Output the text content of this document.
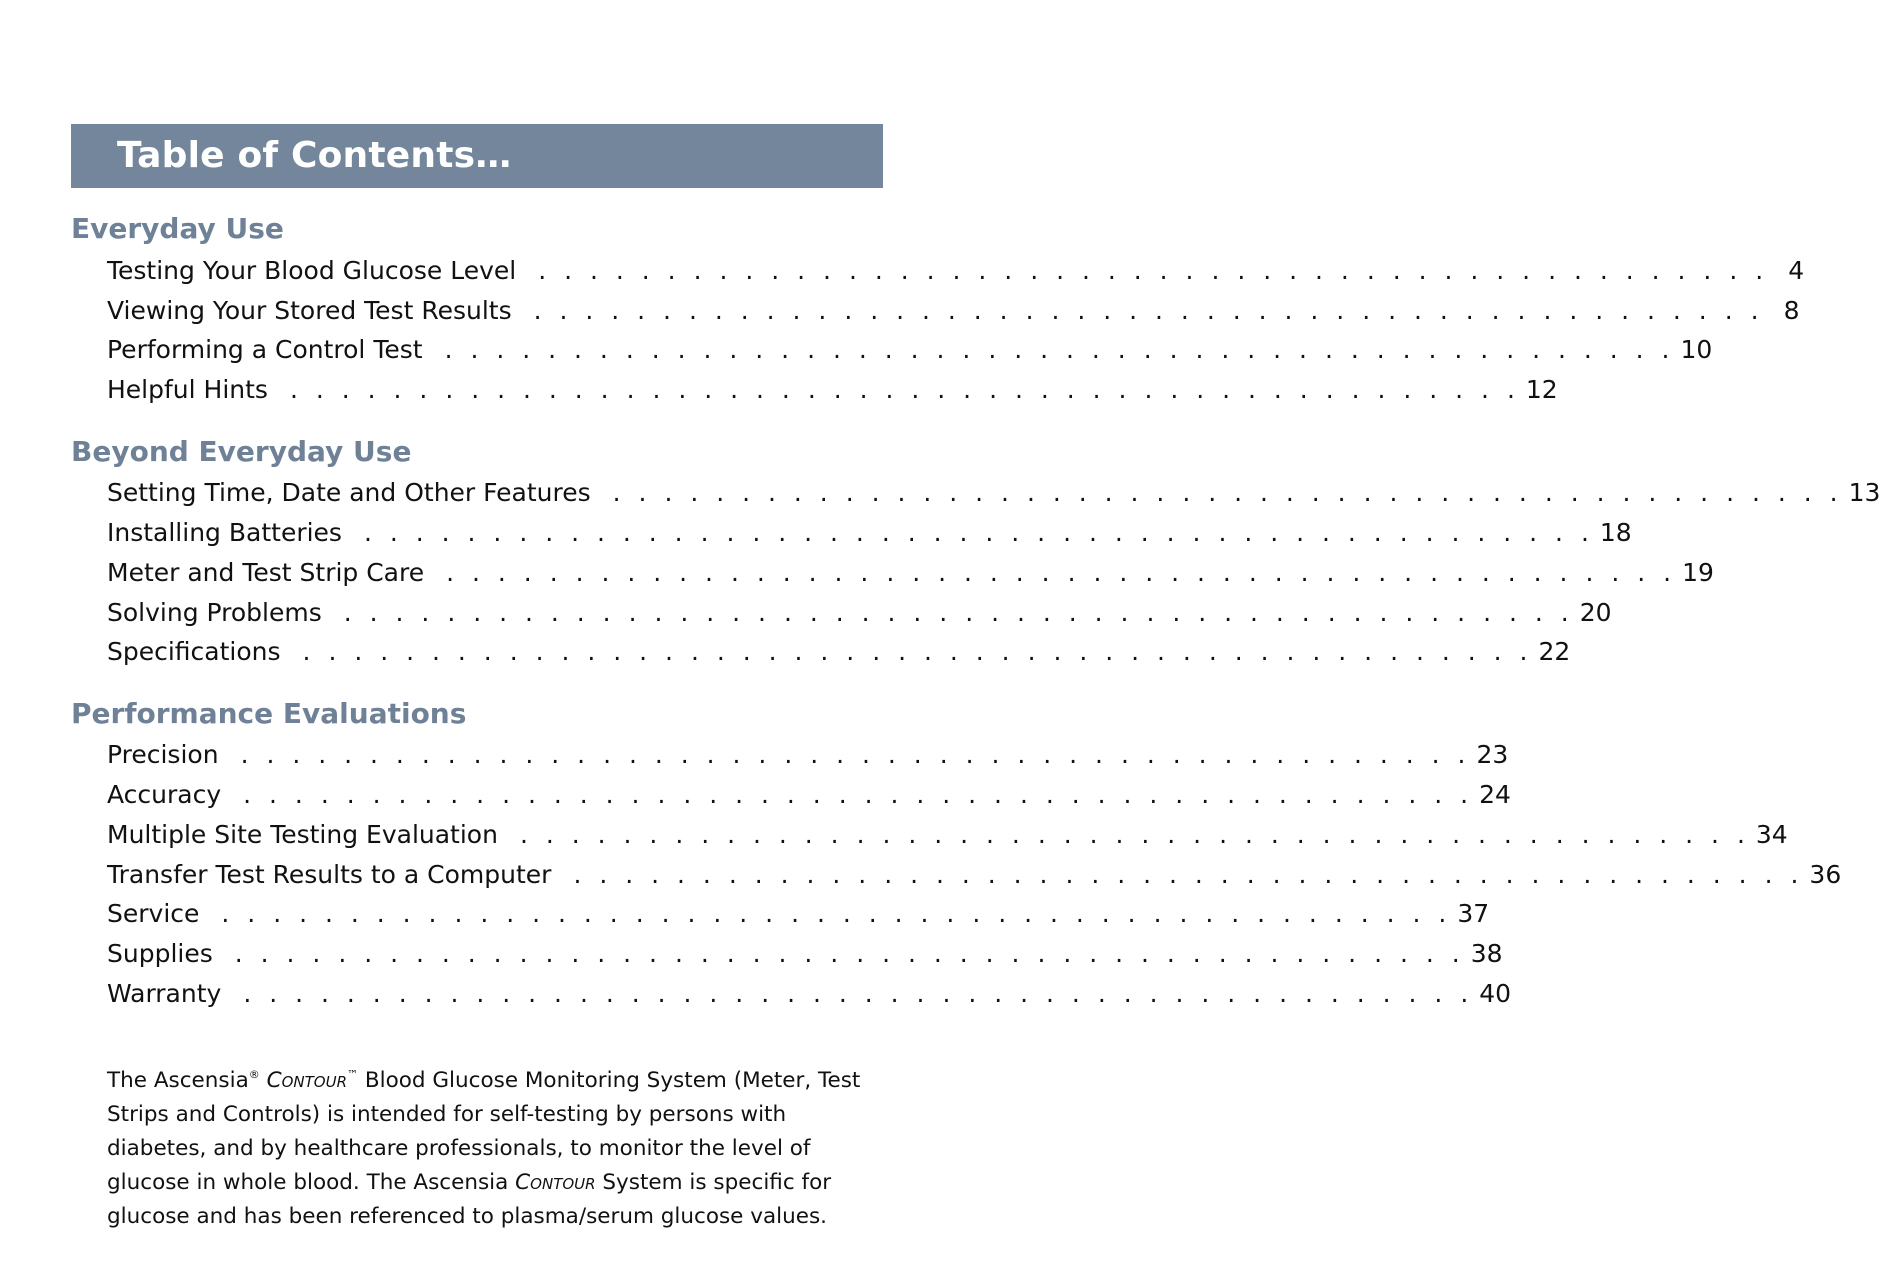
Table of Contents…
Everyday Use
Testing Your Blood Glucose Level . . . . . . . . . . . . . . . . . . . . . . . . . . . . . . . . . . . . . . . . . . . . . . . . 4
Viewing Your Stored Test Results . . . . . . . . . . . . . . . . . . . . . . . . . . . . . . . . . . . . . . . . . . . . . . . . 8
Performing a Control Test . . . . . . . . . . . . . . . . . . . . . . . . . . . . . . . . . . . . . . . . . . . . . . . . 10
Helpful Hints . . . . . . . . . . . . . . . . . . . . . . . . . . . . . . . . . . . . . . . . . . . . . . . . 12
Beyond Everyday Use
Setting Time, Date and Other Features . . . . . . . . . . . . . . . . . . . . . . . . . . . . . . . . . . . . . . . . . . . . . . . . 13
Installing Batteries . . . . . . . . . . . . . . . . . . . . . . . . . . . . . . . . . . . . . . . . . . . . . . . . 18
Meter and Test Strip Care . . . . . . . . . . . . . . . . . . . . . . . . . . . . . . . . . . . . . . . . . . . . . . . . 19
Solving Problems . . . . . . . . . . . . . . . . . . . . . . . . . . . . . . . . . . . . . . . . . . . . . . . . 20
Specifications . . . . . . . . . . . . . . . . . . . . . . . . . . . . . . . . . . . . . . . . . . . . . . . . 22
Performance Evaluations
Precision . . . . . . . . . . . . . . . . . . . . . . . . . . . . . . . . . . . . . . . . . . . . . . . . 23
Accuracy . . . . . . . . . . . . . . . . . . . . . . . . . . . . . . . . . . . . . . . . . . . . . . . . 24
Multiple Site Testing Evaluation . . . . . . . . . . . . . . . . . . . . . . . . . . . . . . . . . . . . . . . . . . . . . . . . 34
Transfer Test Results to a Computer . . . . . . . . . . . . . . . . . . . . . . . . . . . . . . . . . . . . . . . . . . . . . . . . 36
Service . . . . . . . . . . . . . . . . . . . . . . . . . . . . . . . . . . . . . . . . . . . . . . . . 37
Supplies . . . . . . . . . . . . . . . . . . . . . . . . . . . . . . . . . . . . . . . . . . . . . . . . 38
Warranty . . . . . . . . . . . . . . . . . . . . . . . . . . . . . . . . . . . . . . . . . . . . . . . . 40

The Ascensia® Contour™ Blood Glucose Monitoring System (Meter, Test Strips and Controls) is intended for self-testing by persons with diabetes, and by healthcare professionals, to monitor the level of glucose in whole blood. The Ascensia Contour System is specific for glucose and has been referenced to plasma/serum glucose values.
